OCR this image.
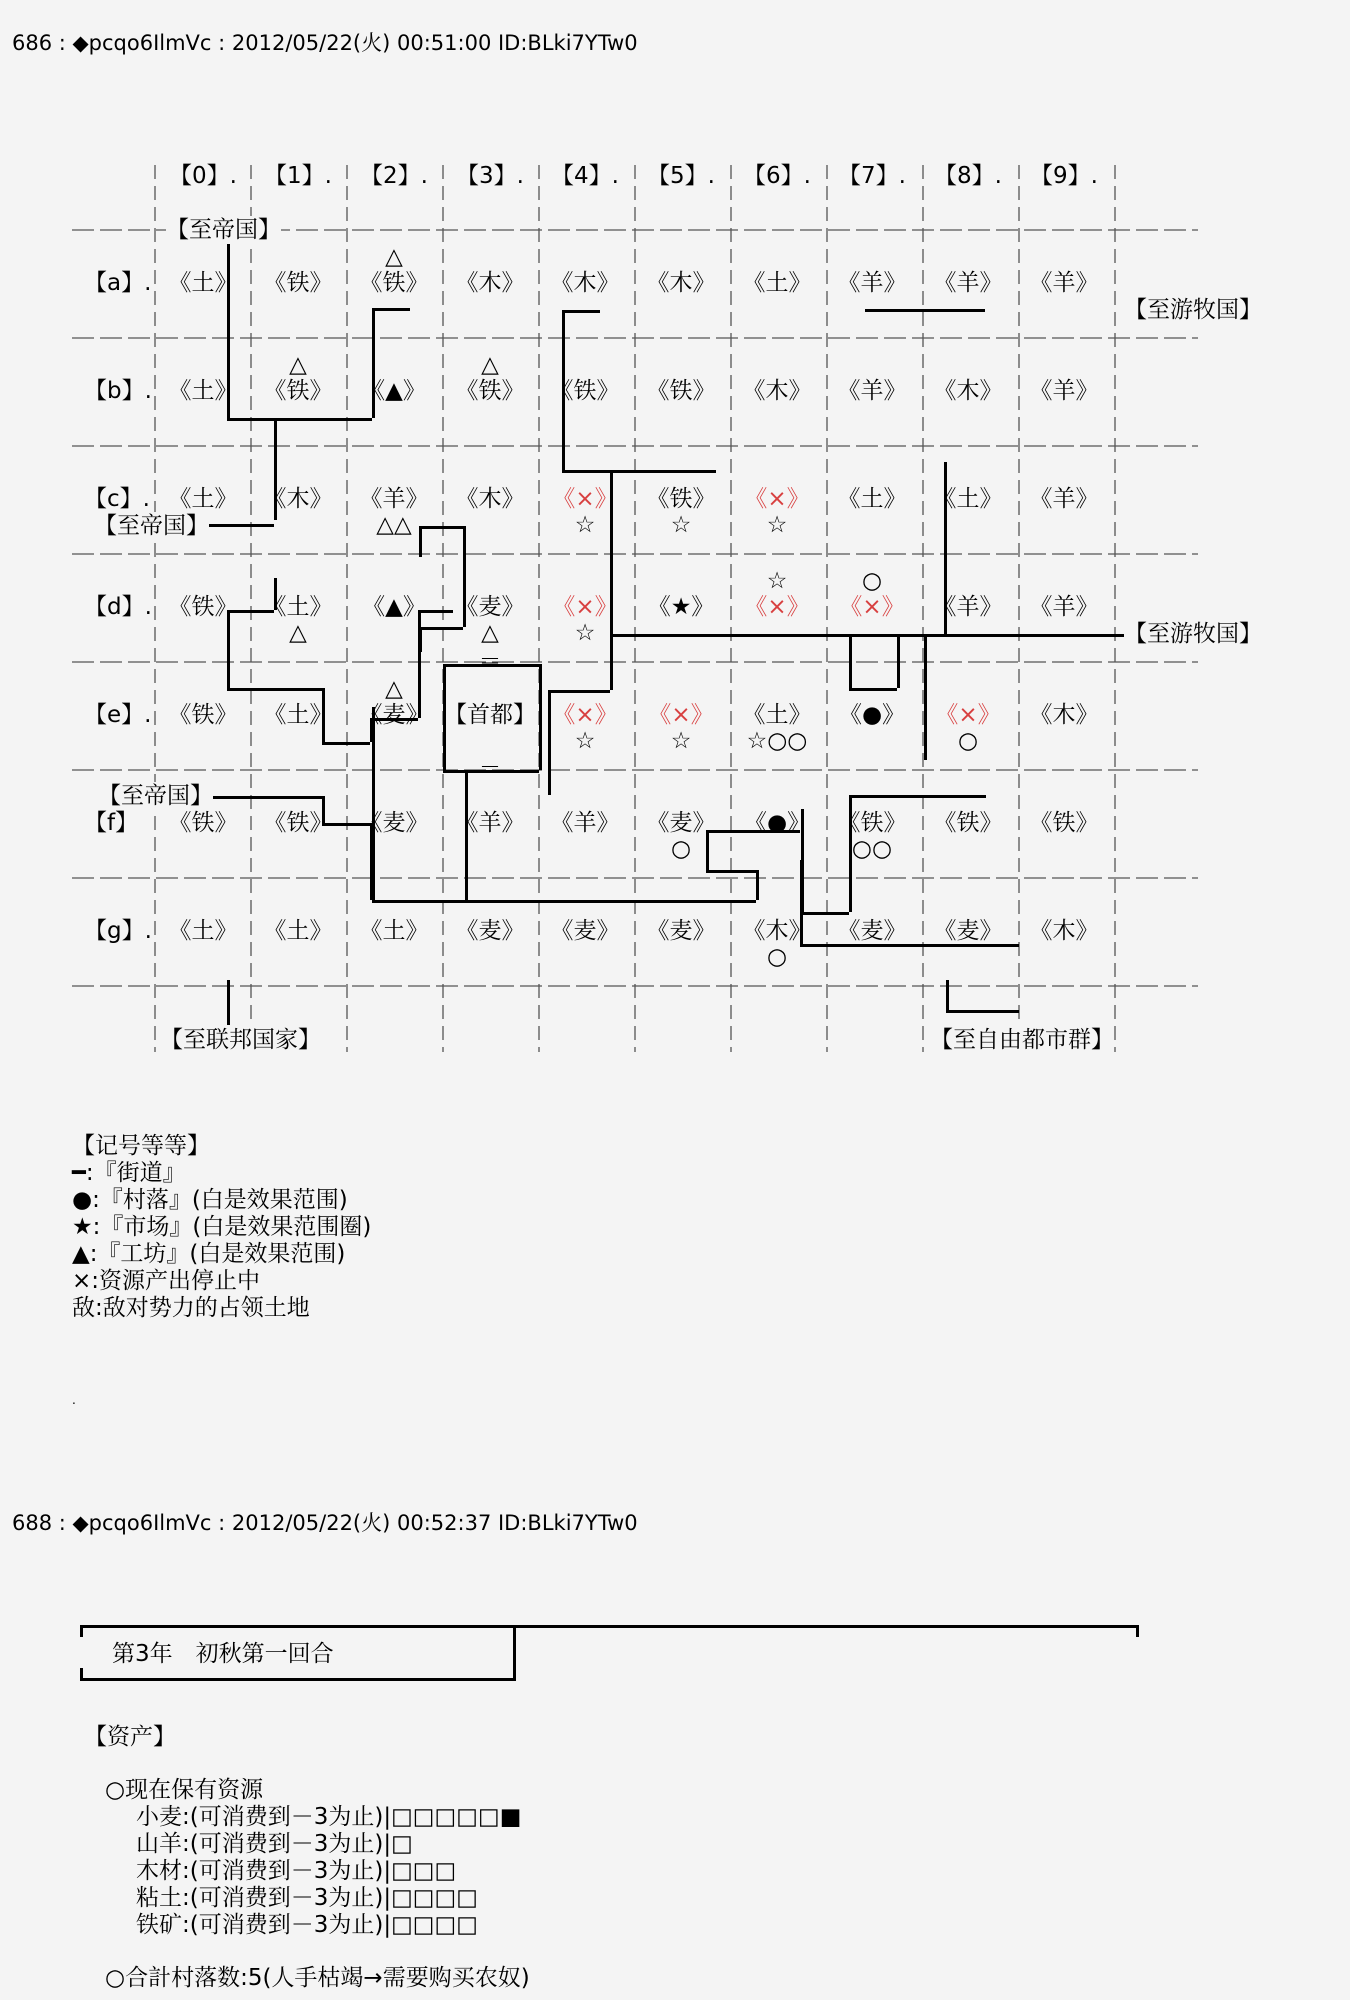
686 : ◆pcqo6IlmVc : 2012/05/22(火) 00:51:00 ID:BLki7YTw0
【0】. 【1】. 【2】. 【3】. 【4】. 【5】. 【6】. 【7】. 【8】. 【9】.
【a】.
【b】.
【c】.
【d】.
【e】.
【f】
【g】.
《土》 《铁》 《铁》
△
《木》 《木》 《木》 《土》 《羊》 《羊》 《羊》
《土》 《铁》
△
《▲》 《铁》
△
《铁》 《铁》 《木》 《羊》 《木》 《羊》
《土》 《木》 《羊》
△△
《木》 《×》
☆
《铁》
☆
《×》
☆
《土》 《土》 《羊》
《铁》 《土》
△
《▲》 《麦》
△
《×》
☆
《★》 《×》
☆
《×》
○
《羊》 《羊》
《铁》 《土》 《麦》
△
【首都】 《×》
☆
《×》
☆
《土》
☆○○
《●》 《×》
○
《木》
《铁》 《铁》 《麦》 《羊》 《羊》 《麦》
○
《●》 《铁》
○○
《铁》 《铁》
《土》 《土》 《土》 《麦》 《麦》 《麦》 《木》
○
《麦》 《麦》 《木》
＝
＝
【至帝国】
【至帝国】
【至帝国】
【至游牧国】
【至游牧国】
【至联邦国家】	【至自由都市群】
【记号等等】
━:『街道』
●:『村落』(白是效果范围)
★:『市场』(白是效果范围圈)
▲:『工坊』(白是效果范围)
×:资源产出停止中
敌:敌对势力的占领土地
.
688 : ◆pcqo6IlmVc : 2012/05/22(火) 00:52:37 ID:BLki7YTw0
第3年　初秋第一回合
【资产】
○现在保有资源
小麦:(可消费到－3为止)|□□□□□■
山羊:(可消费到－3为止)|□
木材:(可消费到－3为止)|□□□
粘土:(可消费到－3为止)|□□□□
铁矿:(可消费到－3为止)|□□□□
○合計村落数:5(人手枯竭→需要购买农奴)
